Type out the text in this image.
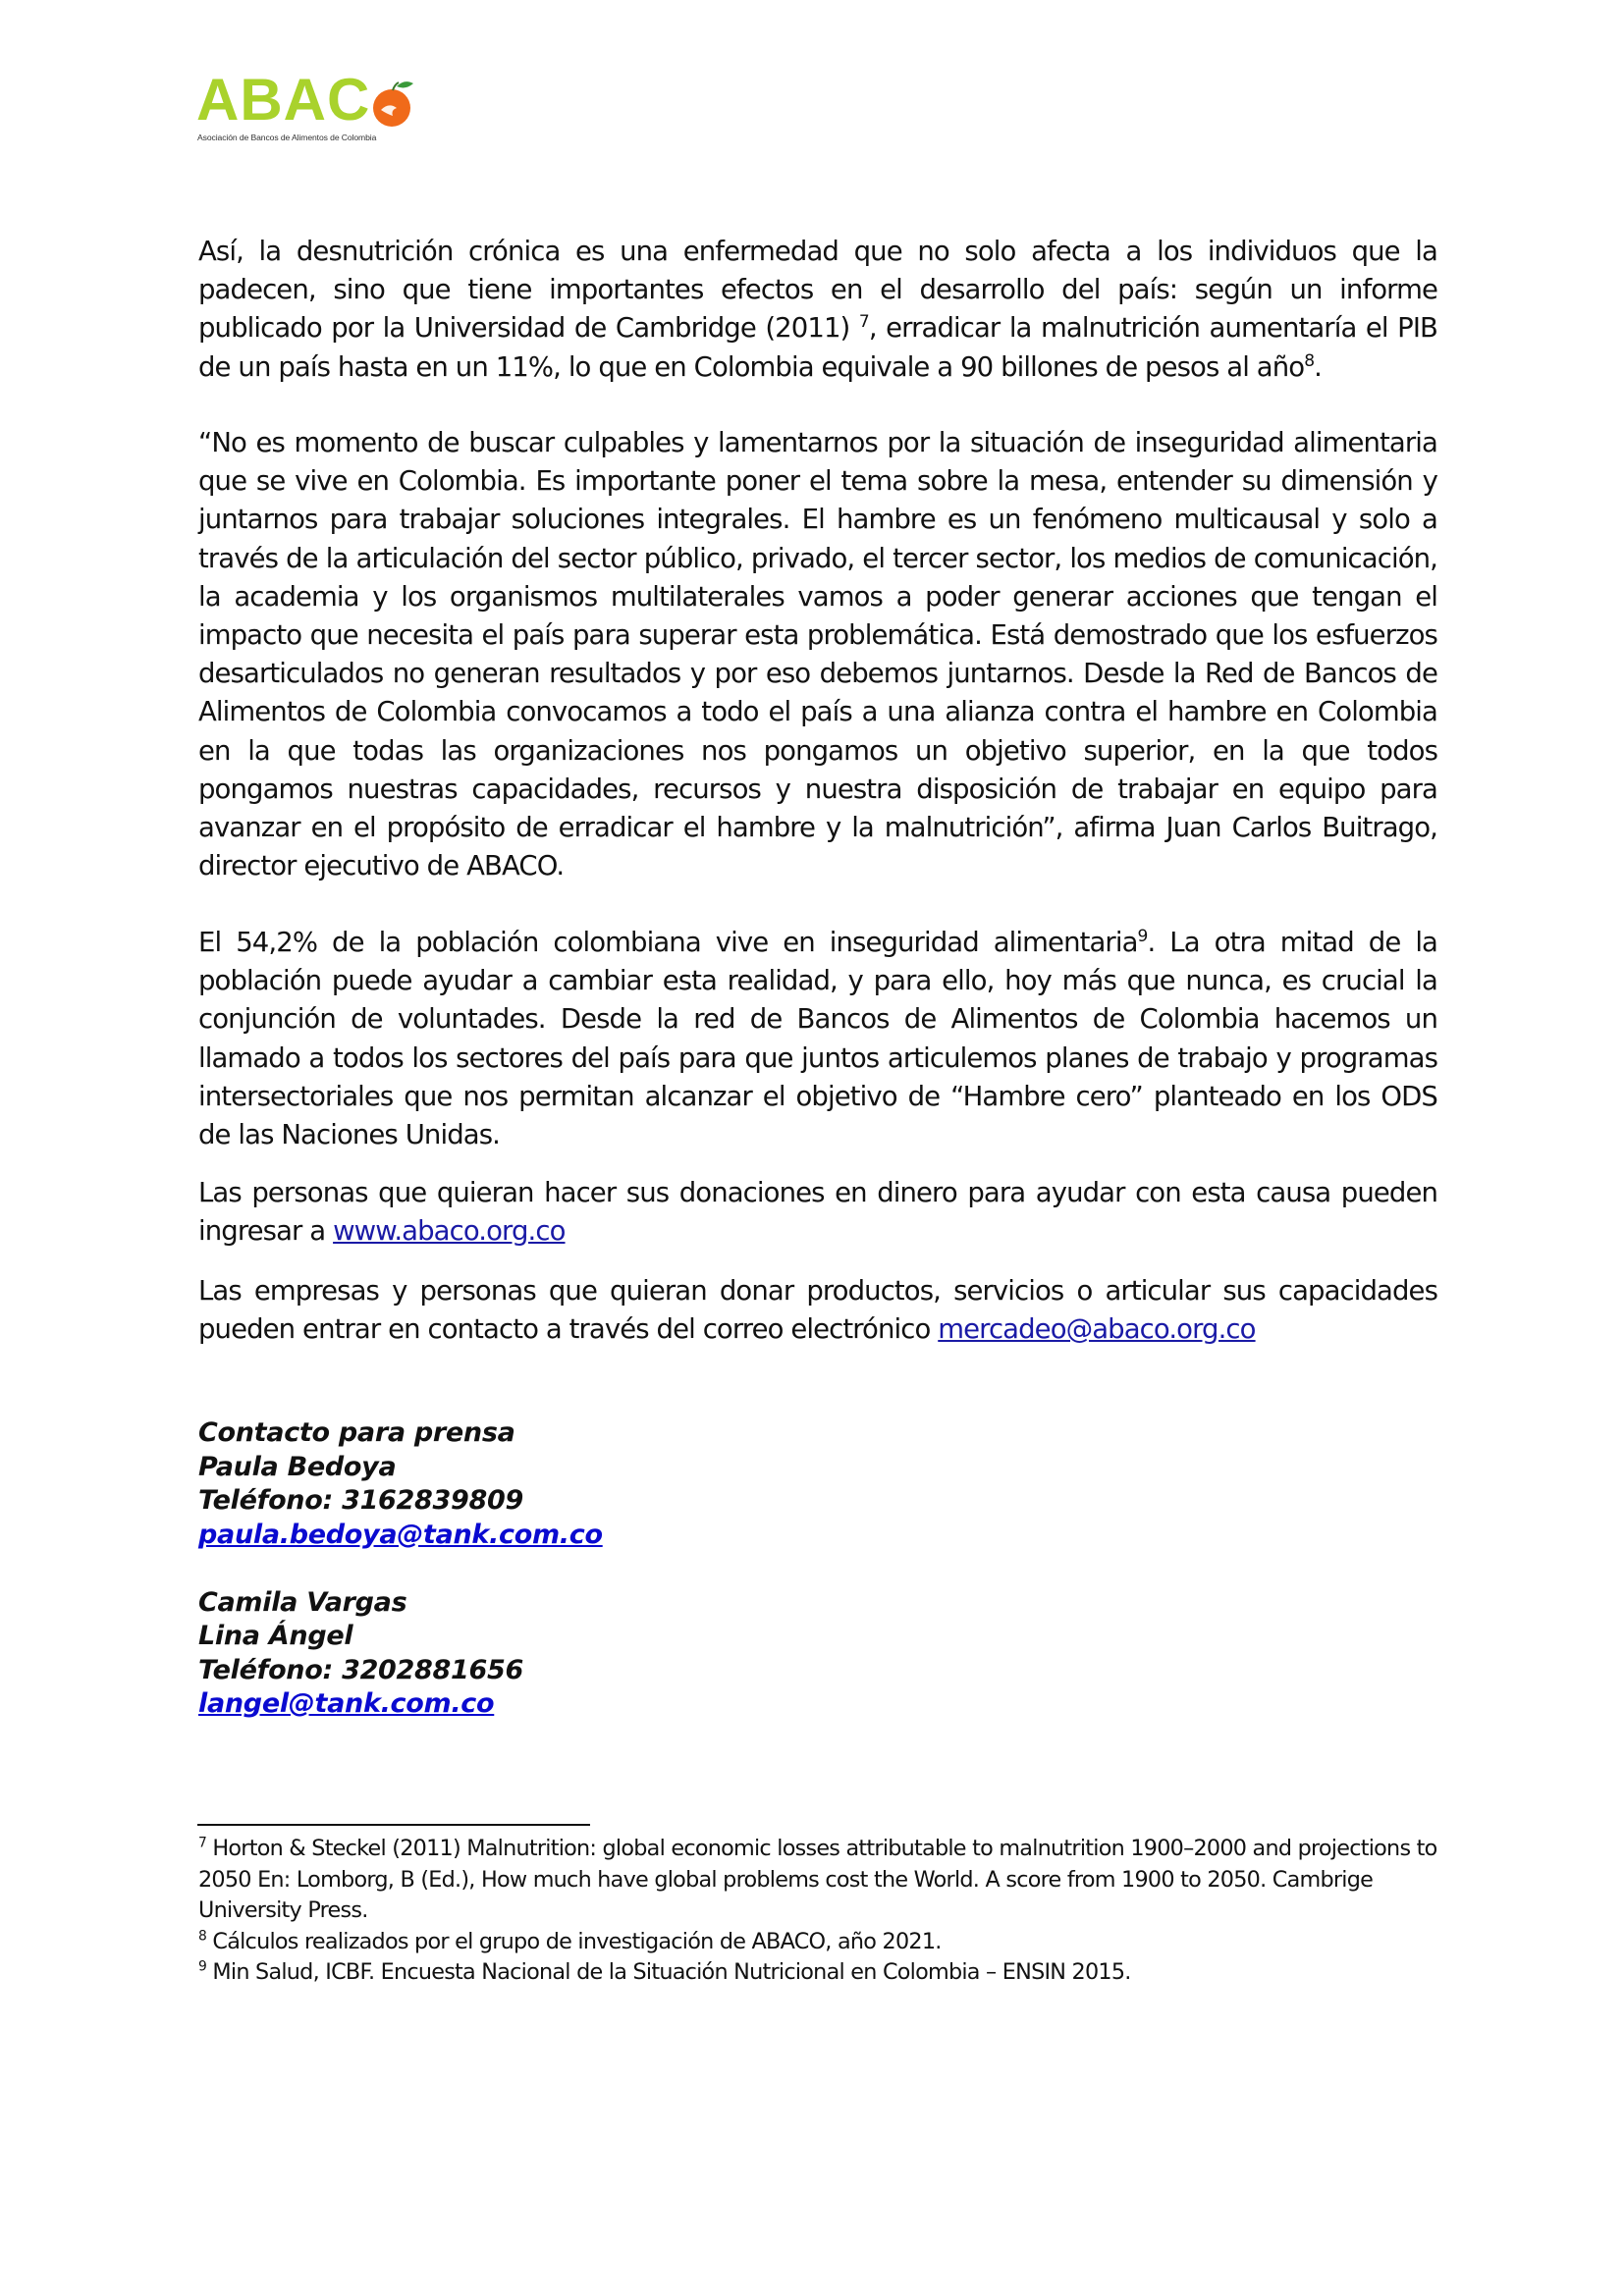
ABAC
Asociación de Bancos de Alimentos de Colombia

Así, la desnutrición crónica es una enfermedad que no solo afecta a los individuos que la padecen, sino que tiene importantes efectos en el desarrollo del país: según un informe publicado por la Universidad de Cambridge (2011) $^7$, erradicar la malnutrición aumentaría el PIB de un país hasta en un 11%, lo que en Colombia equivale a 90 billones de pesos al año$^8$.

“No es momento de buscar culpables y lamentarnos por la situación de inseguridad alimentaria que se vive en Colombia. Es importante poner el tema sobre la mesa, entender su dimensión y juntarnos para trabajar soluciones integrales. El hambre es un fenómeno multicausal y solo a través de la articulación del sector público, privado, el tercer sector, los medios de comunicación, la academia y los organismos multilaterales vamos a poder generar acciones que tengan el impacto que necesita el país para superar esta problemática. Está demostrado que los esfuerzos desarticulados no generan resultados y por eso debemos juntarnos. Desde la Red de Bancos de Alimentos de Colombia convocamos a todo el país a una alianza contra el hambre en Colombia en la que todas las organizaciones nos pongamos un objetivo superior, en la que todos pongamos nuestras capacidades, recursos y nuestra disposición de trabajar en equipo para avanzar en el propósito de erradicar el hambre y la malnutrición”, afirma Juan Carlos Buitrago, director ejecutivo de ABACO.

El 54,2% de la población colombiana vive en inseguridad alimentaria$^9$. La otra mitad de la población puede ayudar a cambiar esta realidad, y para ello, hoy más que nunca, es crucial la conjunción de voluntades. Desde la red de Bancos de Alimentos de Colombia hacemos un llamado a todos los sectores del país para que juntos articulemos planes de trabajo y programas intersectoriales que nos permitan alcanzar el objetivo de “Hambre cero” planteado en los ODS de las Naciones Unidas.

Las personas que quieran hacer sus donaciones en dinero para ayudar con esta causa pueden ingresar a www.abaco.org.co

Las empresas y personas que quieran donar productos, servicios o articular sus capacidades pueden entrar en contacto a través del correo electrónico mercadeo@abaco.org.co

Contacto para prensa
Paula Bedoya
Teléfono: 3162839809
paula.bedoya@tank.com.co
Camila Vargas
Lina Ángel
Teléfono: 3202881656
langel@tank.com.co

$^7$ Horton & Steckel (2011) Malnutrition: global economic losses attributable to malnutrition 1900–2000 and projections to 2050 En: Lomborg, B (Ed.), How much have global problems cost the World. A score from 1900 to 2050. Cambrige University Press.

$^8$ Cálculos realizados por el grupo de investigación de ABACO, año 2021.

$^9$ Min Salud, ICBF. Encuesta Nacional de la Situación Nutricional en Colombia – ENSIN 2015.
